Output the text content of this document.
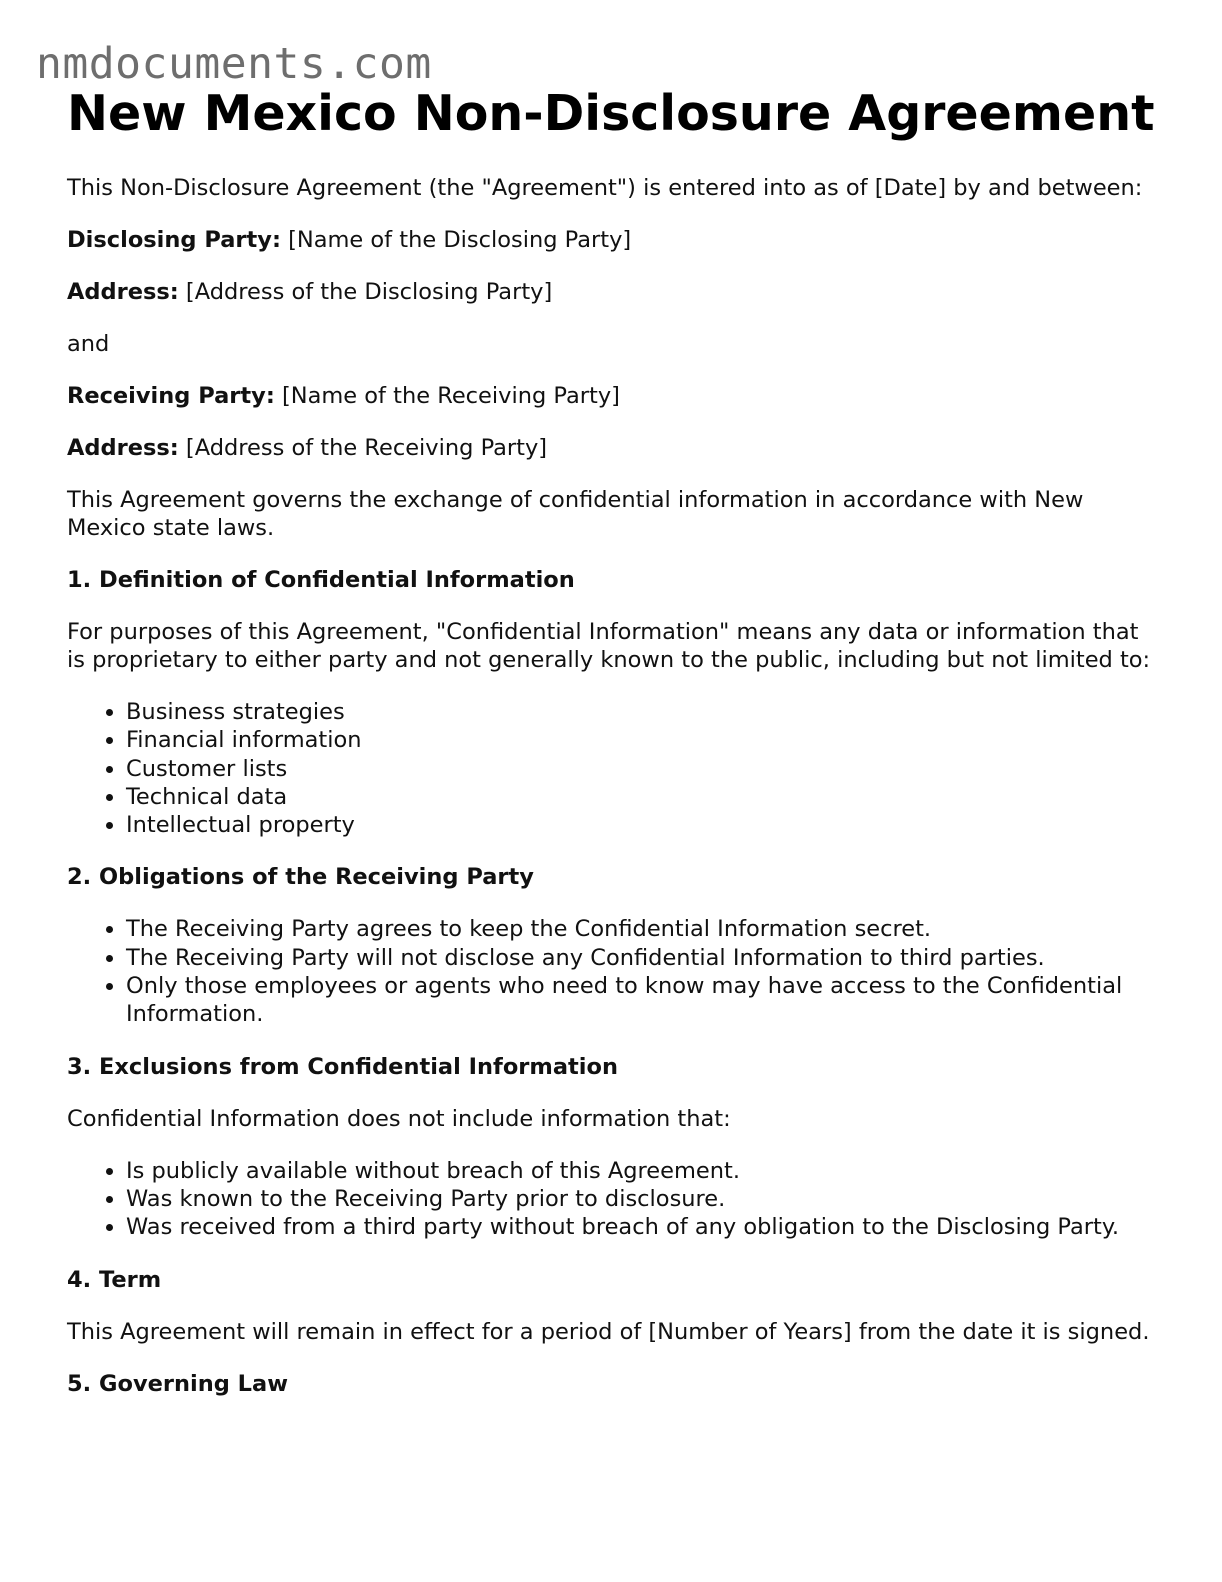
nmdocuments.com
New Mexico Non-Disclosure Agreement

This Non-Disclosure Agreement (the "Agreement") is entered into as of [Date] by and between:

Disclosing Party: [Name of the Disclosing Party]

Address: [Address of the Disclosing Party]

and

Receiving Party: [Name of the Receiving Party]

Address: [Address of the Receiving Party]

This Agreement governs the exchange of confidential information in accordance with New Mexico state laws.

1. Definition of Confidential Information

For purposes of this Agreement, "Confidential Information" means any data or information that is proprietary to either party and not generally known to the public, including but not limited to:

• Business strategies
• Financial information
• Customer lists
• Technical data
• Intellectual property
2. Obligations of the Receiving Party
• The Receiving Party agrees to keep the Confidential Information secret.
• The Receiving Party will not disclose any Confidential Information to third parties.
• Only those employees or agents who need to know may have access to the Confidential Information.
3. Exclusions from Confidential Information

Confidential Information does not include information that:

• Is publicly available without breach of this Agreement.
• Was known to the Receiving Party prior to disclosure.
• Was received from a third party without breach of any obligation to the Disclosing Party.
4. Term

This Agreement will remain in effect for a period of [Number of Years] from the date it is signed.

5. Governing Law
